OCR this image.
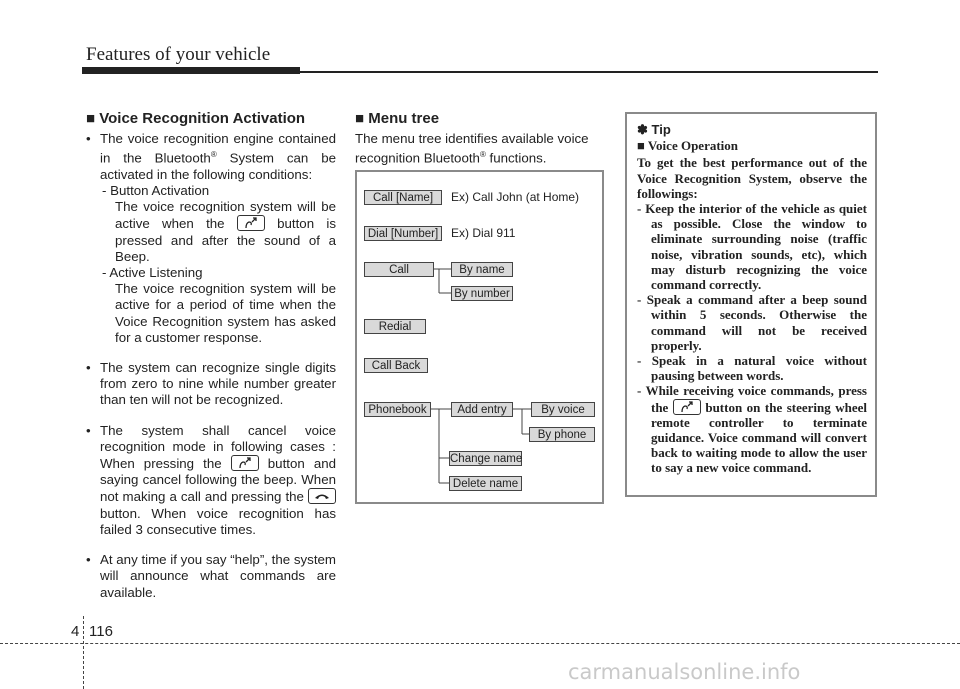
Features of your vehicle
■ Voice Recognition Activation

• The voice recognition engine contained in the Bluetooth® System can be activated in the following conditions:

- Button Activation

The voice recognition system will be active when the	button is pressed and after the sound of a Beep.

- Active Listening

The voice recognition system will be active for a period of time when the Voice Recognition system has asked for a customer response.

• The system can recognize single digits from zero to nine while number greater than ten will not be recognized.

• The system shall cancel voice recognition mode in following cases : When pressing the	button and saying cancel following the beep. When not making a call and pressing the
button. When voice recognition has failed 3 consecutive times.

• At any time if you say “help”, the system will announce what commands are available.

■ Menu tree

The menu tree identifies available voice recognition Bluetooth® functions.

Call [Name]	Ex) Call John (at Home)
Dial [Number]	Ex) Dial 911
Call	By name
By number
Redial
Call Back
Phonebook	Add entry	By voice
By phone
Change name
Delete name
✽ Tip
■ Voice Operation

To get the best performance out of the Voice Recognition System, observe the followings:

- Keep the interior of the vehicle as quiet as possible. Close the window to eliminate surrounding noise (traffic noise, vibration sounds, etc), which may disturb recognizing the voice command correctly.

- Speak a command after a beep sound within 5 seconds. Otherwise the command will not be received properly.

- Speak in a natural voice without pausing between words.

- While receiving voice commands, press the	button on the steering wheel remote controller to terminate guidance. Voice command will convert back to waiting mode to allow the user to say a new voice command.

4 116
carmanualsonline.info
